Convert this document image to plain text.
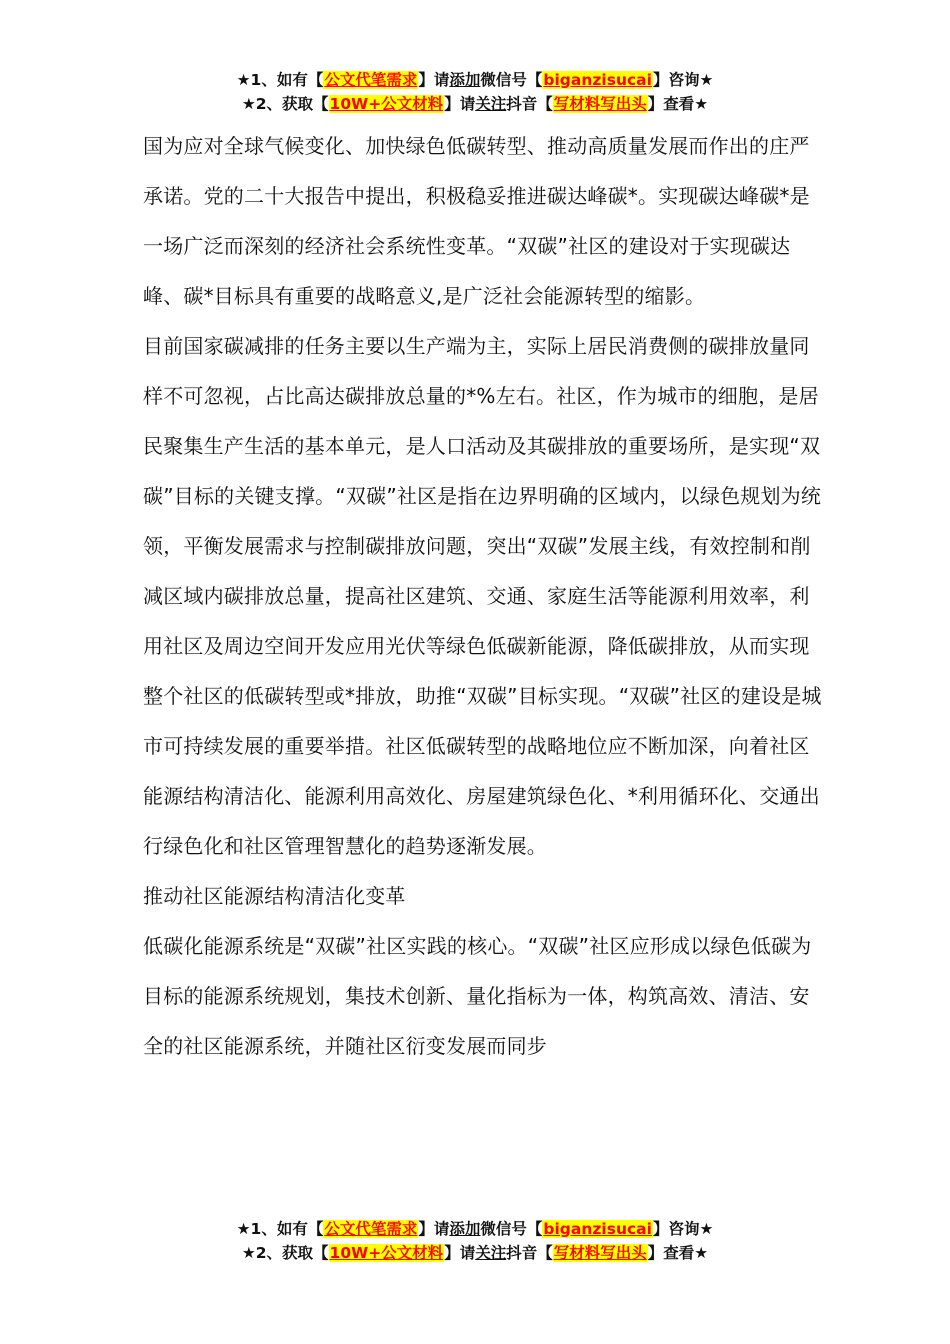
★1、如有【公文代笔需求】请添加微信号【biganzisucai】咨询★
★2、获取【10W+公文材料】请关注抖音【写材料写出头】查看★

国为应对全球气候变化、加快绿色低碳转型、推动高质量发展而作出的庄严承诺。党的二十大报告中提出，积极稳妥推进碳达峰碳*。实现碳达峰碳*是一场广泛而深刻的经济社会系统性变革。“双碳”社区的建设对于实现碳达峰、碳*目标具有重要的战略意义,是广泛社会能源转型的缩影。

目前国家碳减排的任务主要以生产端为主，实际上居民消费侧的碳排放量同样不可忽视，占比高达碳排放总量的*%左右。社区，作为城市的细胞，是居民聚集生产生活的基本单元，是人口活动及其碳排放的重要场所，是实现“双碳”目标的关键支撑。“双碳”社区是指在边界明确的区域内，以绿色规划为统领，平衡发展需求与控制碳排放问题，突出“双碳”发展主线，有效控制和削减区域内碳排放总量，提高社区建筑、交通、家庭生活等能源利用效率，利用社区及周边空间开发应用光伏等绿色低碳新能源，降低碳排放，从而实现整个社区的低碳转型或*排放，助推“双碳”目标实现。“双碳”社区的建设是城市可持续发展的重要举措。社区低碳转型的战略地位应不断加深，向着社区能源结构清洁化、能源利用高效化、房屋建筑绿色化、*利用循环化、交通出行绿色化和社区管理智慧化的趋势逐渐发展。

推动社区能源结构清洁化变革

低碳化能源系统是“双碳”社区实践的核心。“双碳”社区应形成以绿色低碳为目标的能源系统规划，集技术创新、量化指标为一体，构筑高效、清洁、安全的社区能源系统，并随社区衍变发展而同步

★1、如有【公文代笔需求】请添加微信号【biganzisucai】咨询★
★2、获取【10W+公文材料】请关注抖音【写材料写出头】查看★
